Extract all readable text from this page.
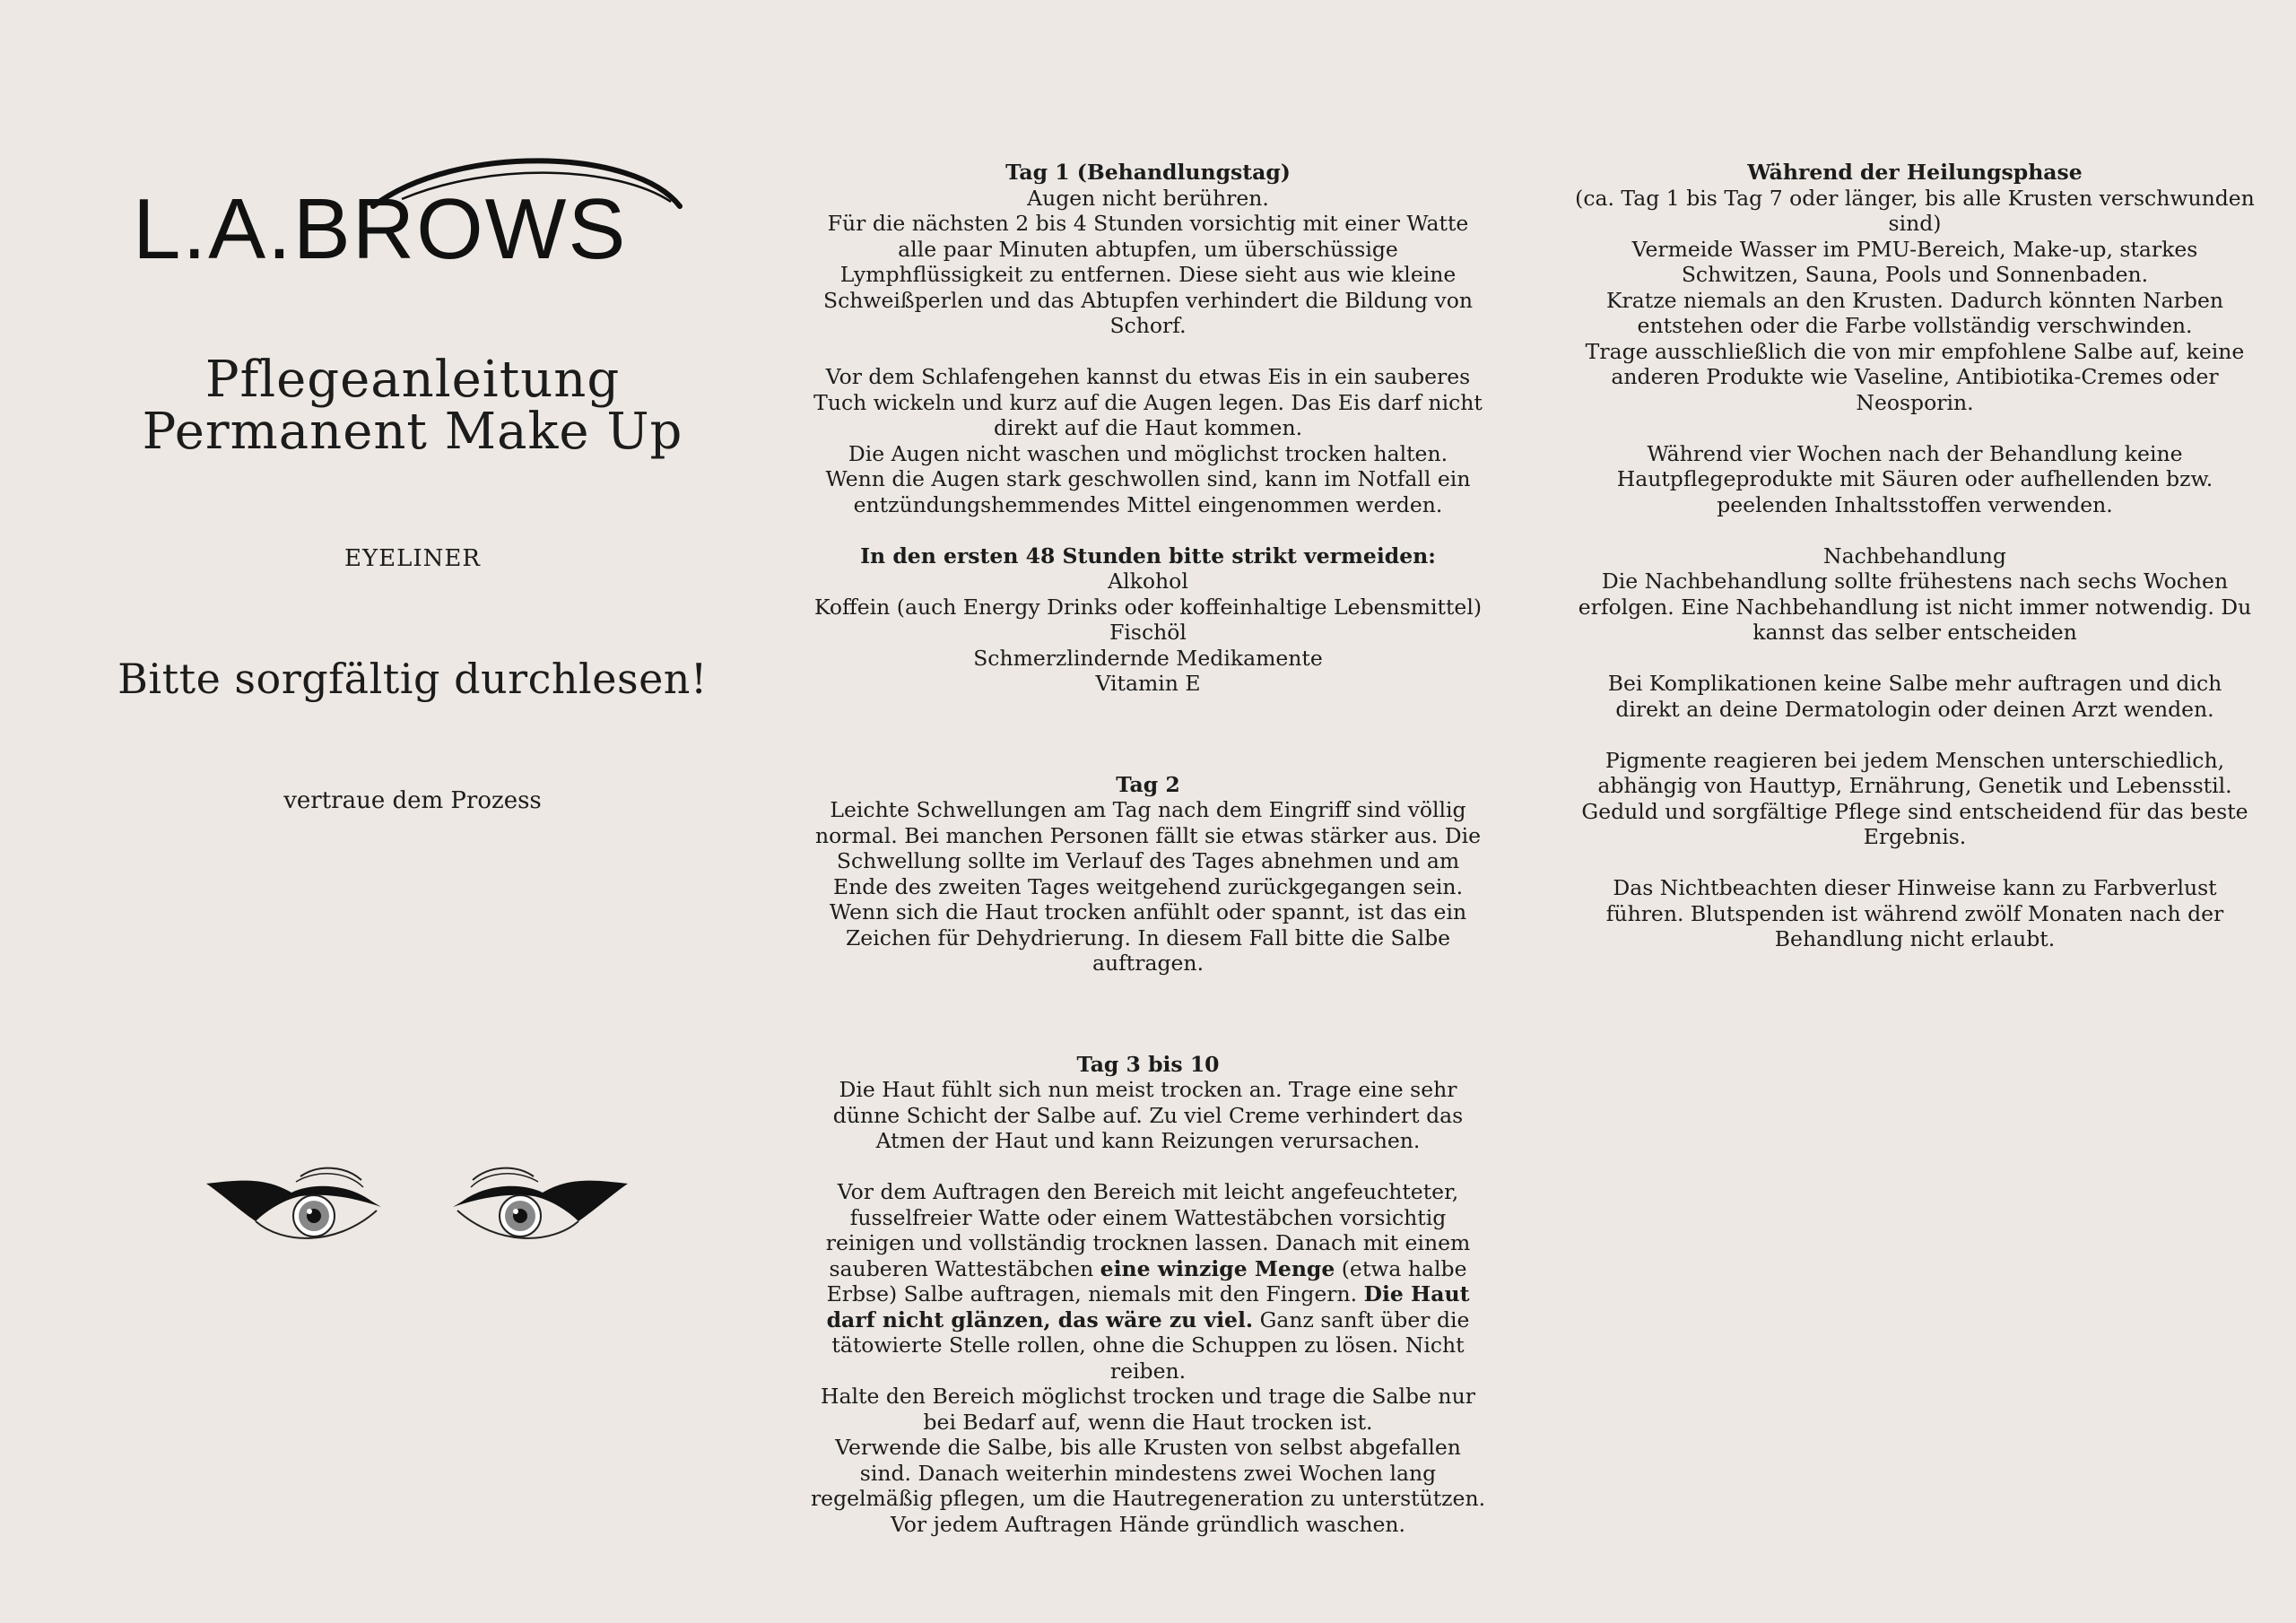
L.A.BROWS
Pflegeanleitung
Permanent Make Up
EYELINER
Bitte sorgfältig durchlesen!
vertraue dem Prozess

Tag 1 (Behandlungstag)

Augen nicht berühren.

Für die nächsten 2 bis 4 Stunden vorsichtig mit einer Watte alle paar Minuten abtupfen, um überschüssige Lymphflüssigkeit zu entfernen. Diese sieht aus wie kleine Schweißperlen und das Abtupfen verhindert die Bildung von Schorf.

Vor dem Schlafengehen kannst du etwas Eis in ein sauberes Tuch wickeln und kurz auf die Augen legen. Das Eis darf nicht direkt auf die Haut kommen.

Die Augen nicht waschen und möglichst trocken halten.

Wenn die Augen stark geschwollen sind, kann im Notfall ein entzündungshemmendes Mittel eingenommen werden.

In den ersten 48 Stunden bitte strikt vermeiden:

Alkohol

Koffein (auch Energy Drinks oder koffeinhaltige Lebensmittel)

Fischöl

Schmerzlindernde Medikamente

Vitamin E

Tag 2

Leichte Schwellungen am Tag nach dem Eingriff sind völlig normal. Bei manchen Personen fällt sie etwas stärker aus. Die Schwellung sollte im Verlauf des Tages abnehmen und am Ende des zweiten Tages weitgehend zurückgegangen sein.

Wenn sich die Haut trocken anfühlt oder spannt, ist das ein Zeichen für Dehydrierung. In diesem Fall bitte die Salbe auftragen.

Tag 3 bis 10

Die Haut fühlt sich nun meist trocken an. Trage eine sehr dünne Schicht der Salbe auf. Zu viel Creme verhindert das Atmen der Haut und kann Reizungen verursachen.

Vor dem Auftragen den Bereich mit leicht angefeuchteter, fusselfreier Watte oder einem Wattestäbchen vorsichtig reinigen und vollständig trocknen lassen. Danach mit einem sauberen Wattestäbchen eine winzige Menge (etwa halbe Erbse) Salbe auftragen, niemals mit den Fingern. Die Haut darf nicht glänzen, das wäre zu viel. Ganz sanft über die tätowierte Stelle rollen, ohne die Schuppen zu lösen. Nicht reiben.

Halte den Bereich möglichst trocken und trage die Salbe nur bei Bedarf auf, wenn die Haut trocken ist.

Verwende die Salbe, bis alle Krusten von selbst abgefallen sind. Danach weiterhin mindestens zwei Wochen lang regelmäßig pflegen, um die Hautregeneration zu unterstützen. Vor jedem Auftragen Hände gründlich waschen.

Während der Heilungsphase

(ca. Tag 1 bis Tag 7 oder länger, bis alle Krusten verschwunden sind)

Vermeide Wasser im PMU-Bereich, Make-up, starkes Schwitzen, Sauna, Pools und Sonnenbaden.

Kratze niemals an den Krusten. Dadurch könnten Narben entstehen oder die Farbe vollständig verschwinden.

Trage ausschließlich die von mir empfohlene Salbe auf, keine anderen Produkte wie Vaseline, Antibiotika-Cremes oder Neosporin.

Während vier Wochen nach der Behandlung keine Hautpflegeprodukte mit Säuren oder aufhellenden bzw. peelenden Inhaltsstoffen verwenden.

Nachbehandlung

Die Nachbehandlung sollte frühestens nach sechs Wochen erfolgen. Eine Nachbehandlung ist nicht immer notwendig. Du kannst das selber entscheiden

Bei Komplikationen keine Salbe mehr auftragen und dich direkt an deine Dermatologin oder deinen Arzt wenden.

Pigmente reagieren bei jedem Menschen unterschiedlich, abhängig von Hauttyp, Ernährung, Genetik und Lebensstil. Geduld und sorgfältige Pflege sind entscheidend für das beste Ergebnis.

Das Nichtbeachten dieser Hinweise kann zu Farbverlust führen. Blutspenden ist während zwölf Monaten nach der Behandlung nicht erlaubt.
